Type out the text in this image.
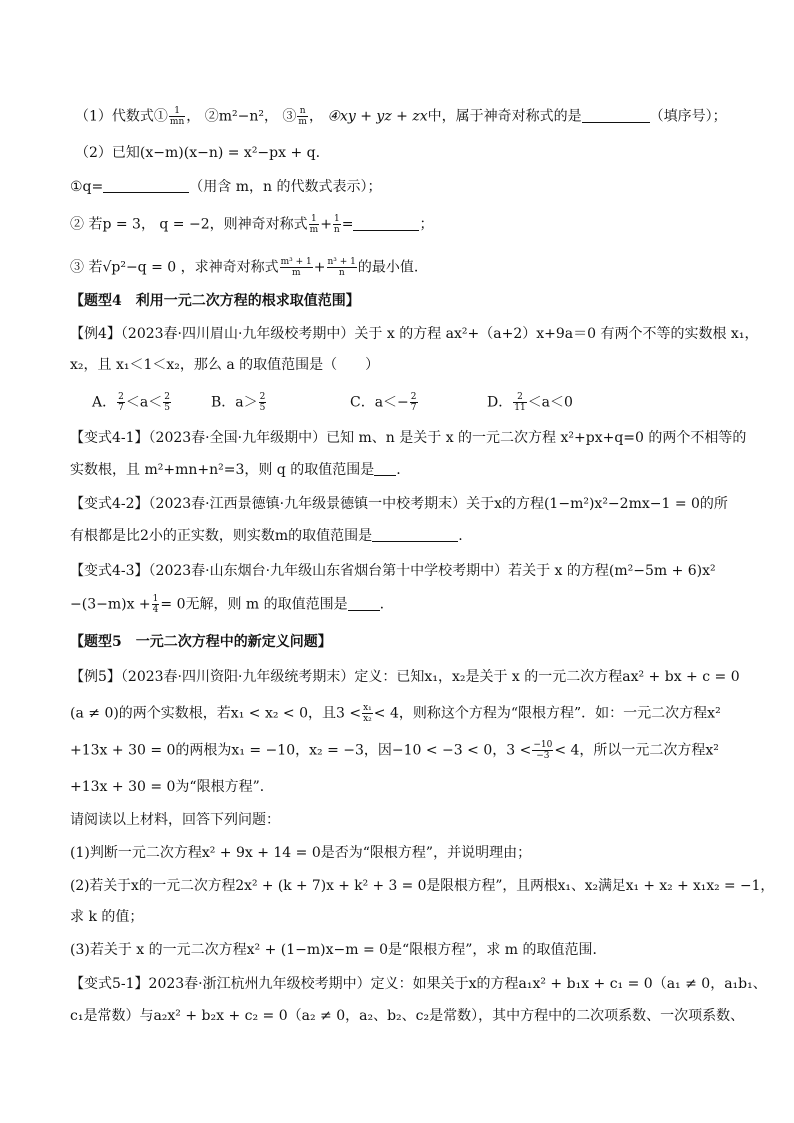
（1）代数式① $\frac{1}{mn}$ ， ②m²−n²， ③ $\frac{n}{m}$ ， ④xy + yz + zx中，属于神奇对称式的是	（填序号）；
（2）已知(x−m)(x−n) = x²−px + q.
①q=	（用含 m，n 的代数式表示）；
② 若p = 3， q = −2，则神奇对称式 $\frac{1}{m} + \frac{1}{n}$ =	；
③ 若√p²−q = 0 ，求神奇对称式 $\frac{\text{m³ + 1}}{m} + \frac{\text{n³ + 1}}{n}$ 的最小值.
【题型4　利用一元二次方程的根求取值范围】
【例4】（2023春·四川眉山·九年级校考期中）关于 x 的方程 ax²+（a+2）x+9a＝0 有两个不等的实数根 x₁，
x₂，且 x₁＜1＜x₂，那么 a 的取值范围是（　　）
A． $\frac{2}{7} <a< \frac{2}{5}$	B．$a> \frac{2}{5}$	C．$a<- \frac{2}{7}$	D． $\frac{2}{11} <a<0$
【变式4-1】（2023春·全国·九年级期中）已知 m、n 是关于 x 的一元二次方程 x²+px+q=0 的两个不相等的
实数根，且 m²+mn+n²=3，则 q 的取值范围是 .
【变式4-2】（2023春·江西景德镇·九年级景德镇一中校考期末）关于x的方程(1−m²)x²−2mx−1 = 0的所
有根都是比2小的正实数，则实数m的取值范围是	.
【变式4-3】（2023春·山东烟台·九年级山东省烟台第十中学校考期中）若关于 x 的方程(m²−5m + 6)x²
$-(3-m)x + \frac{1}{4} = 0$无解，则 m 的取值范围是 .
【题型5　一元二次方程中的新定义问题】
【例5】（2023春·四川资阳·九年级统考期末）定义：已知x₁，x₂是关于 x 的一元二次方程ax² + bx + c = 0
(a ≠ 0)的两个实数根，若x₁ < x₂ < 0，且$3 < \frac{\text{x₁}}{\text{x₂}} < 4$，则称这个方程为“限根方程”．如：一元二次方程x²
+13x + 30 = 0的两根为x₁ = −10，x₂ = −3，因−10 < −3 < 0，$3 < \frac{-10}{-3} < 4$，所以一元二次方程x²
+13x + 30 = 0为“限根方程”．
请阅读以上材料，回答下列问题：
(1)判断一元二次方程x² + 9x + 14 = 0是否为“限根方程”，并说明理由；
(2)若关于x的一元二次方程2x² + (k + 7)x + k² + 3 = 0是限根方程”，且两根x₁、x₂满足x₁ + x₂ + x₁x₂ = −1，
求 k 的值；
(3)若关于 x 的一元二次方程x² + (1−m)x−m = 0是“限根方程”，求 m 的取值范围．
【变式5-1】2023春·浙江杭州九年级校考期中）定义：如果关于x的方程a₁x² + b₁x + c₁ = 0（a₁ ≠ 0，a₁b₁、
c₁是常数）与a₂x² + b₂x + c₂ = 0（a₂ ≠ 0，a₂、b₂、c₂是常数），其中方程中的二次项系数、一次项系数、
